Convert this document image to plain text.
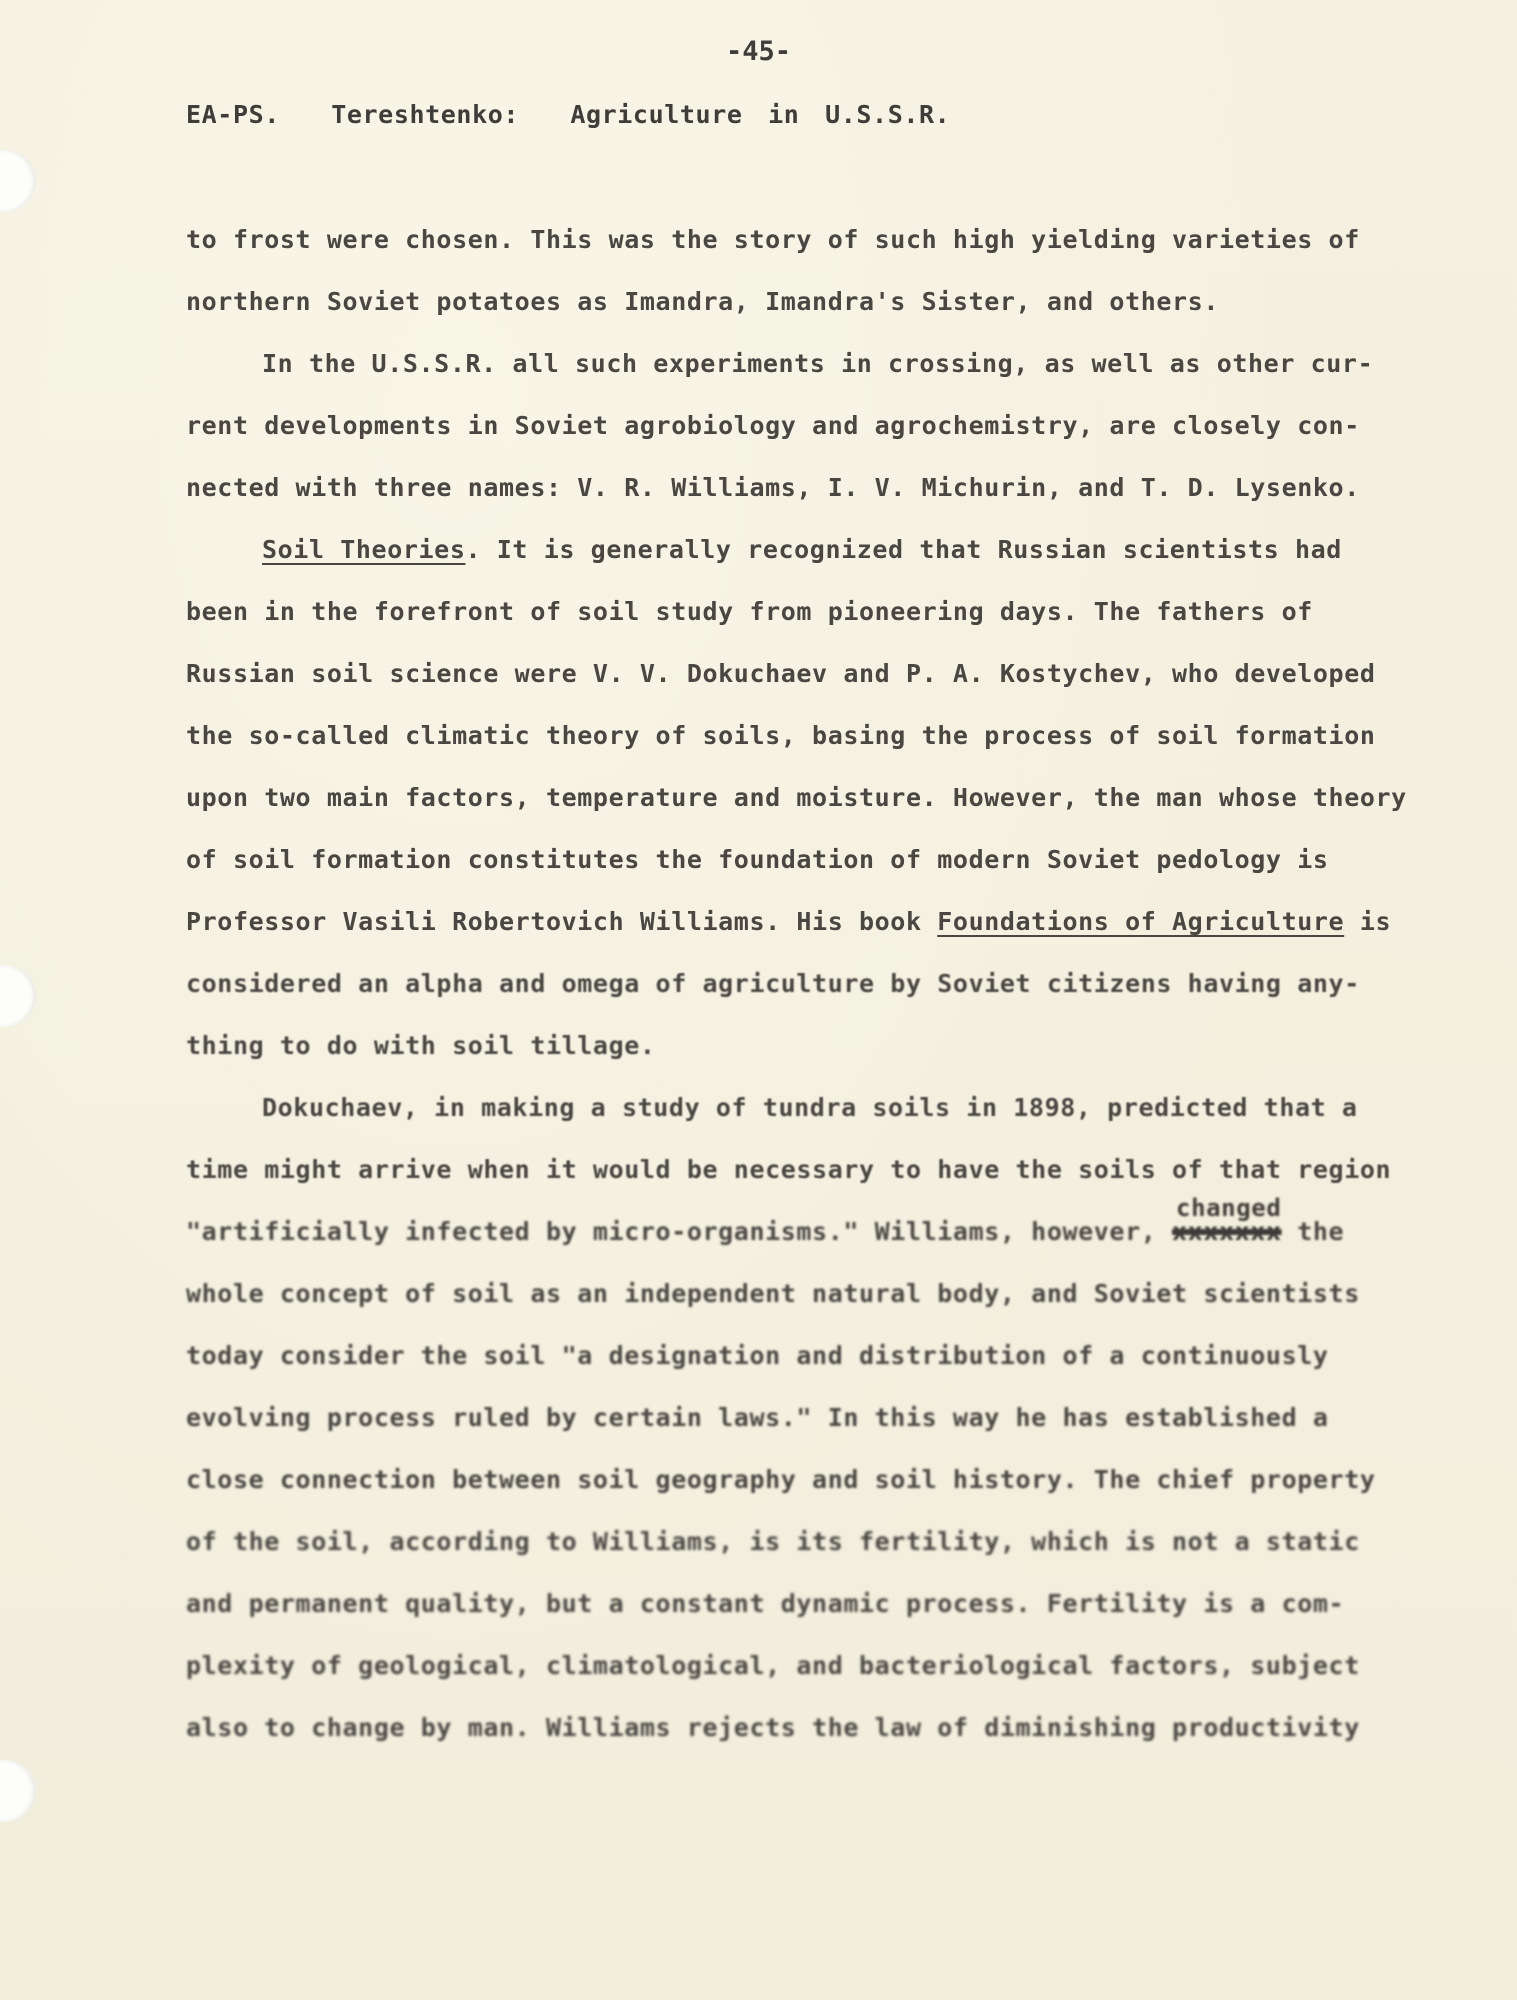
-45-
EA-PS.  Tereshtenko:  Agriculture in U.S.S.R.
to frost were chosen. This was the story of such high yielding varieties of
northern Soviet potatoes as Imandra, Imandra's Sister, and others.
In the U.S.S.R. all such experiments in crossing, as well as other cur-
rent developments in Soviet agrobiology and agrochemistry, are closely con-
nected with three names: V. R. Williams, I. V. Michurin, and T. D. Lysenko.
Soil Theories. It is generally recognized that Russian scientists had
been in the forefront of soil study from pioneering days. The fathers of
Russian soil science were V. V. Dokuchaev and P. A. Kostychev, who developed
the so-called climatic theory of soils, basing the process of soil formation
upon two main factors, temperature and moisture. However, the man whose theory
of soil formation constitutes the foundation of modern Soviet pedology is
Professor Vasili Robertovich Williams. His book Foundations of Agriculture is
considered an alpha and omega of agriculture by Soviet citizens having any-
thing to do with soil tillage.
Dokuchaev, in making a study of tundra soils in 1898, predicted that a
time might arrive when it would be necessary to have the soils of that region
"artificially infected by micro-organisms." Williams, however, xxxxxxx
changed
the
whole concept of soil as an independent natural body, and Soviet scientists
today consider the soil "a designation and distribution of a continuously
evolving process ruled by certain laws." In this way he has established a
close connection between soil geography and soil history. The chief property
of the soil, according to Williams, is its fertility, which is not a static
and permanent quality, but a constant dynamic process. Fertility is a com-
plexity of geological, climatological, and bacteriological factors, subject
also to change by man. Williams rejects the law of diminishing productivity
